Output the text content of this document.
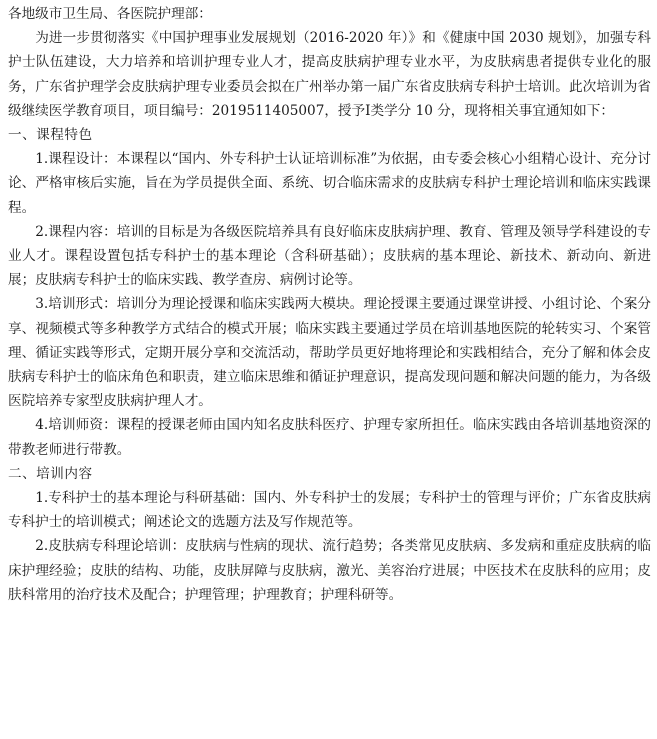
各地级市卫生局、各医院护理部：

为进一步贯彻落实《中国护理事业发展规划（2016-2020 年）》和《健康中国 2030 规划》，加强专科护士队伍建设，大力培养和培训护理专业人才，提高皮肤病护理专业水平，为皮肤病患者提供专业化的服务，广东省护理学会皮肤病护理专业委员会拟在广州举办第一届广东省皮肤病专科护士培训。此次培训为省级继续医学教育项目，项目编号：2019511405007，授予Ⅰ类学分 10 分，现将相关事宜通知如下：

一、课程特色

1.课程设计：本课程以“国内、外专科护士认证培训标准”为依据，由专委会核心小组精心设计、充分讨论、严格审核后实施，旨在为学员提供全面、系统、切合临床需求的皮肤病专科护士理论培训和临床实践课程。

2.课程内容：培训的目标是为各级医院培养具有良好临床皮肤病护理、教育、管理及领导学科建设的专业人才。课程设置包括专科护士的基本理论（含科研基础）；皮肤病的基本理论、新技术、新动向、新进展；皮肤病专科护士的临床实践、教学查房、病例讨论等。

3.培训形式：培训分为理论授课和临床实践两大模块。理论授课主要通过课堂讲授、小组讨论、个案分享、视频模式等多种教学方式结合的模式开展；临床实践主要通过学员在培训基地医院的轮转实习、个案管理、循证实践等形式，定期开展分享和交流活动，帮助学员更好地将理论和实践相结合，充分了解和体会皮肤病专科护士的临床角色和职责，建立临床思维和循证护理意识，提高发现问题和解决问题的能力，为各级医院培养专家型皮肤病护理人才。

4.培训师资：课程的授课老师由国内知名皮肤科医疗、护理专家所担任。临床实践由各培训基地资深的带教老师进行带教。

二、培训内容

1.专科护士的基本理论与科研基础：国内、外专科护士的发展；专科护士的管理与评价；广东省皮肤病专科护士的培训模式；阐述论文的选题方法及写作规范等。

2.皮肤病专科理论培训：皮肤病与性病的现状、流行趋势；各类常见皮肤病、多发病和重症皮肤病的临床护理经验；皮肤的结构、功能，皮肤屏障与皮肤病，激光、美容治疗进展；中医技术在皮肤科的应用；皮肤科常用的治疗技术及配合；护理管理；护理教育；护理科研等。
